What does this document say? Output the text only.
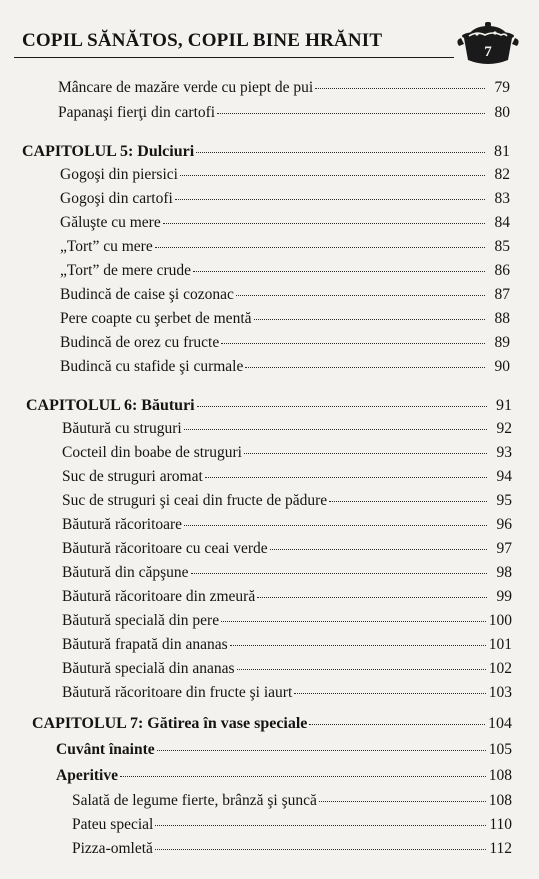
COPIL SĂNĂTOS, COPIL BINE HRĂNIT
7
Mâncare de mazăre verde cu piept de pui	79
Papanaşi fierţi din cartofi	80
CAPITOLUL 5: Dulciuri	81
Gogoşi din piersici	82
Gogoşi din cartofi	83
Găluşte cu mere	84
„Tort” cu mere	85
„Tort” de mere crude	86
Budincă de caise şi cozonac	87
Pere coapte cu şerbet de mentă	88
Budincă de orez cu fructe	89
Budincă cu stafide şi curmale	90
CAPITOLUL 6: Băuturi	91
Băutură cu struguri	92
Cocteil din boabe de struguri	93
Suc de struguri aromat	94
Suc de struguri şi ceai din fructe de pădure	95
Băutură răcoritoare	96
Băutură răcoritoare cu ceai verde	97
Băutură din căpşune	98
Băutură răcoritoare din zmeură	99
Băutură specială din pere	100
Băutură frapată din ananas	101
Băutură specială din ananas	102
Băutură răcoritoare din fructe şi iaurt	103
CAPITOLUL 7: Gătirea în vase speciale	104
Cuvânt înainte	105
Aperitive	108
Salată de legume fierte, brânză şi şuncă	108
Pateu special	110
Pizza-omletă	112
